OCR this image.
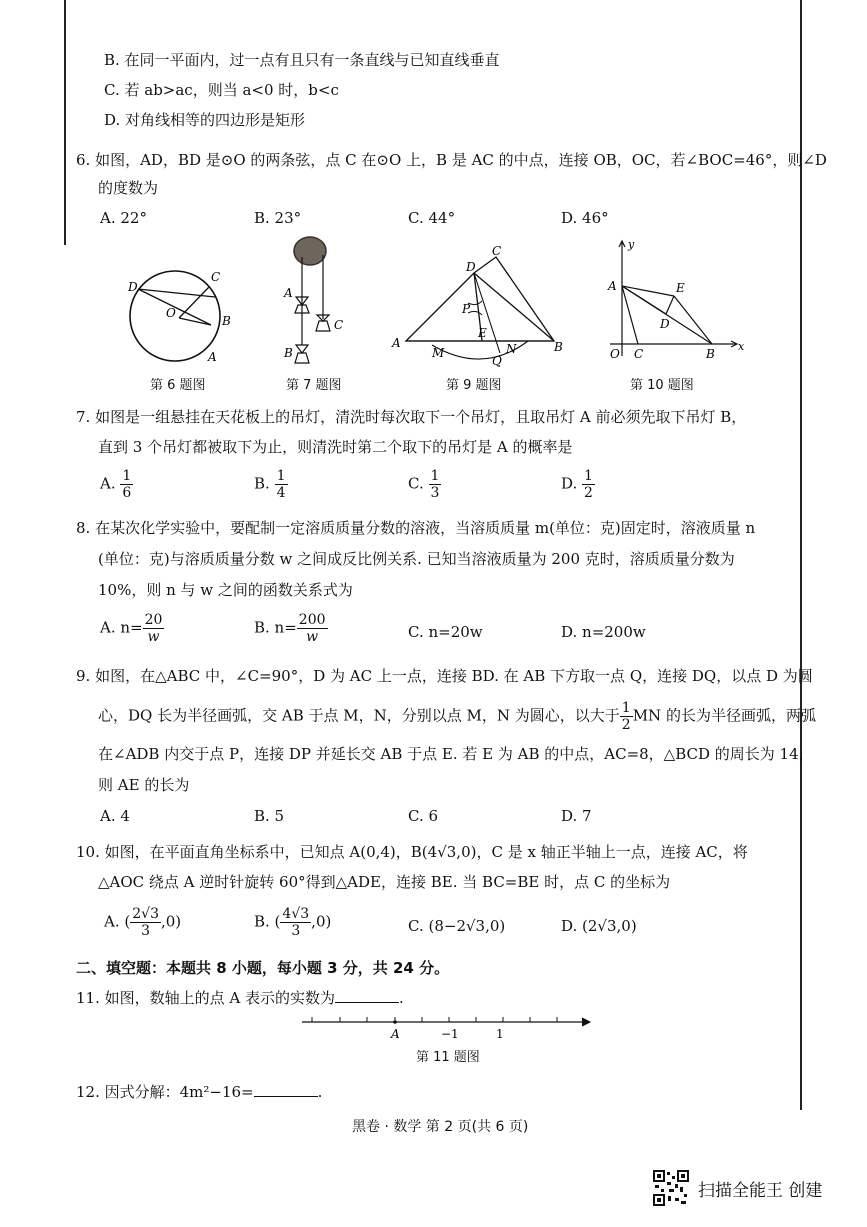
B. 在同一平面内，过一点有且只有一条直线与已知直线垂直
C. 若 ab>ac，则当 a<0 时，b<c
D. 对角线相等的四边形是矩形
6. 如图，AD，BD 是⊙O 的两条弦，点 C 在⊙O 上，B 是 AC 的中点，连接 OB，OC，若∠BOC=46°，则∠D
的度数为
A. 22°	B. 23°	C. 44°	D. 46°
D
C
O
B
A
A
C
B
D
C
P
E
A
M
Q
N	B
y
A	E
D
O C	B
x
第 6 题图	第 7 题图	第 9 题图	第 10 题图
7. 如图是一组悬挂在天花板上的吊灯，清洗时每次取下一个吊灯，且取吊灯 A 前必须先取下吊灯 B，
直到 3 个吊灯都被取下为止，则清洗时第二个取下的吊灯是 A 的概率是
A. $\frac{1}{6}$	B. $\frac{1}{4}$	C. $\frac{1}{3}$	D. $\frac{1}{2}$
8. 在某次化学实验中，要配制一定溶质质量分数的溶液，当溶质质量 m(单位：克)固定时，溶液质量 n
(单位：克)与溶质质量分数 w 之间成反比例关系. 已知当溶液质量为 200 克时，溶质质量分数为
10%，则 n 与 w 之间的函数关系式为
A. $n= \frac{20}{w}$	B. $n= \frac{200}{w}$	C. n=20w	D. n=200w
9. 如图，在△ABC 中，∠C=90°，D 为 AC 上一点，连接 BD. 在 AB 下方取一点 Q，连接 DQ，以点 D 为圆
心，DQ 长为半径画弧，交 AB 于点 M，N，分别以点 M，N 为圆心，以大于 $\frac{1}{2}$ MN 的长为半径画弧，两弧
在∠ADB 内交于点 P，连接 DP 并延长交 AB 于点 E. 若 E 为 AB 的中点，AC=8，△BCD 的周长为 14，
则 AE 的长为
A. 4	B. 5	C. 6	D. 7
10. 如图，在平面直角坐标系中，已知点 A(0,4)，B(4√3,0)，C 是 x 轴正半轴上一点，连接 AC，将
△AOC 绕点 A 逆时针旋转 60°得到△ADE，连接 BE. 当 BC=BE 时，点 C 的坐标为
A. ( $\frac{2√3}{3} ,0$)	B. ( $\frac{4√3}{3} ,0$)	C. (8−2√3,0)	D. (2√3,0)
二、填空题：本题共 8 小题，每小题 3 分，共 24 分。
11. 如图，数轴上的点 A 表示的实数为	.
A	−1	1
第 11 题图
12. 因式分解：4m²−16=	.
黑卷 · 数学 第 2 页(共 6 页)
扫描全能王 创建
